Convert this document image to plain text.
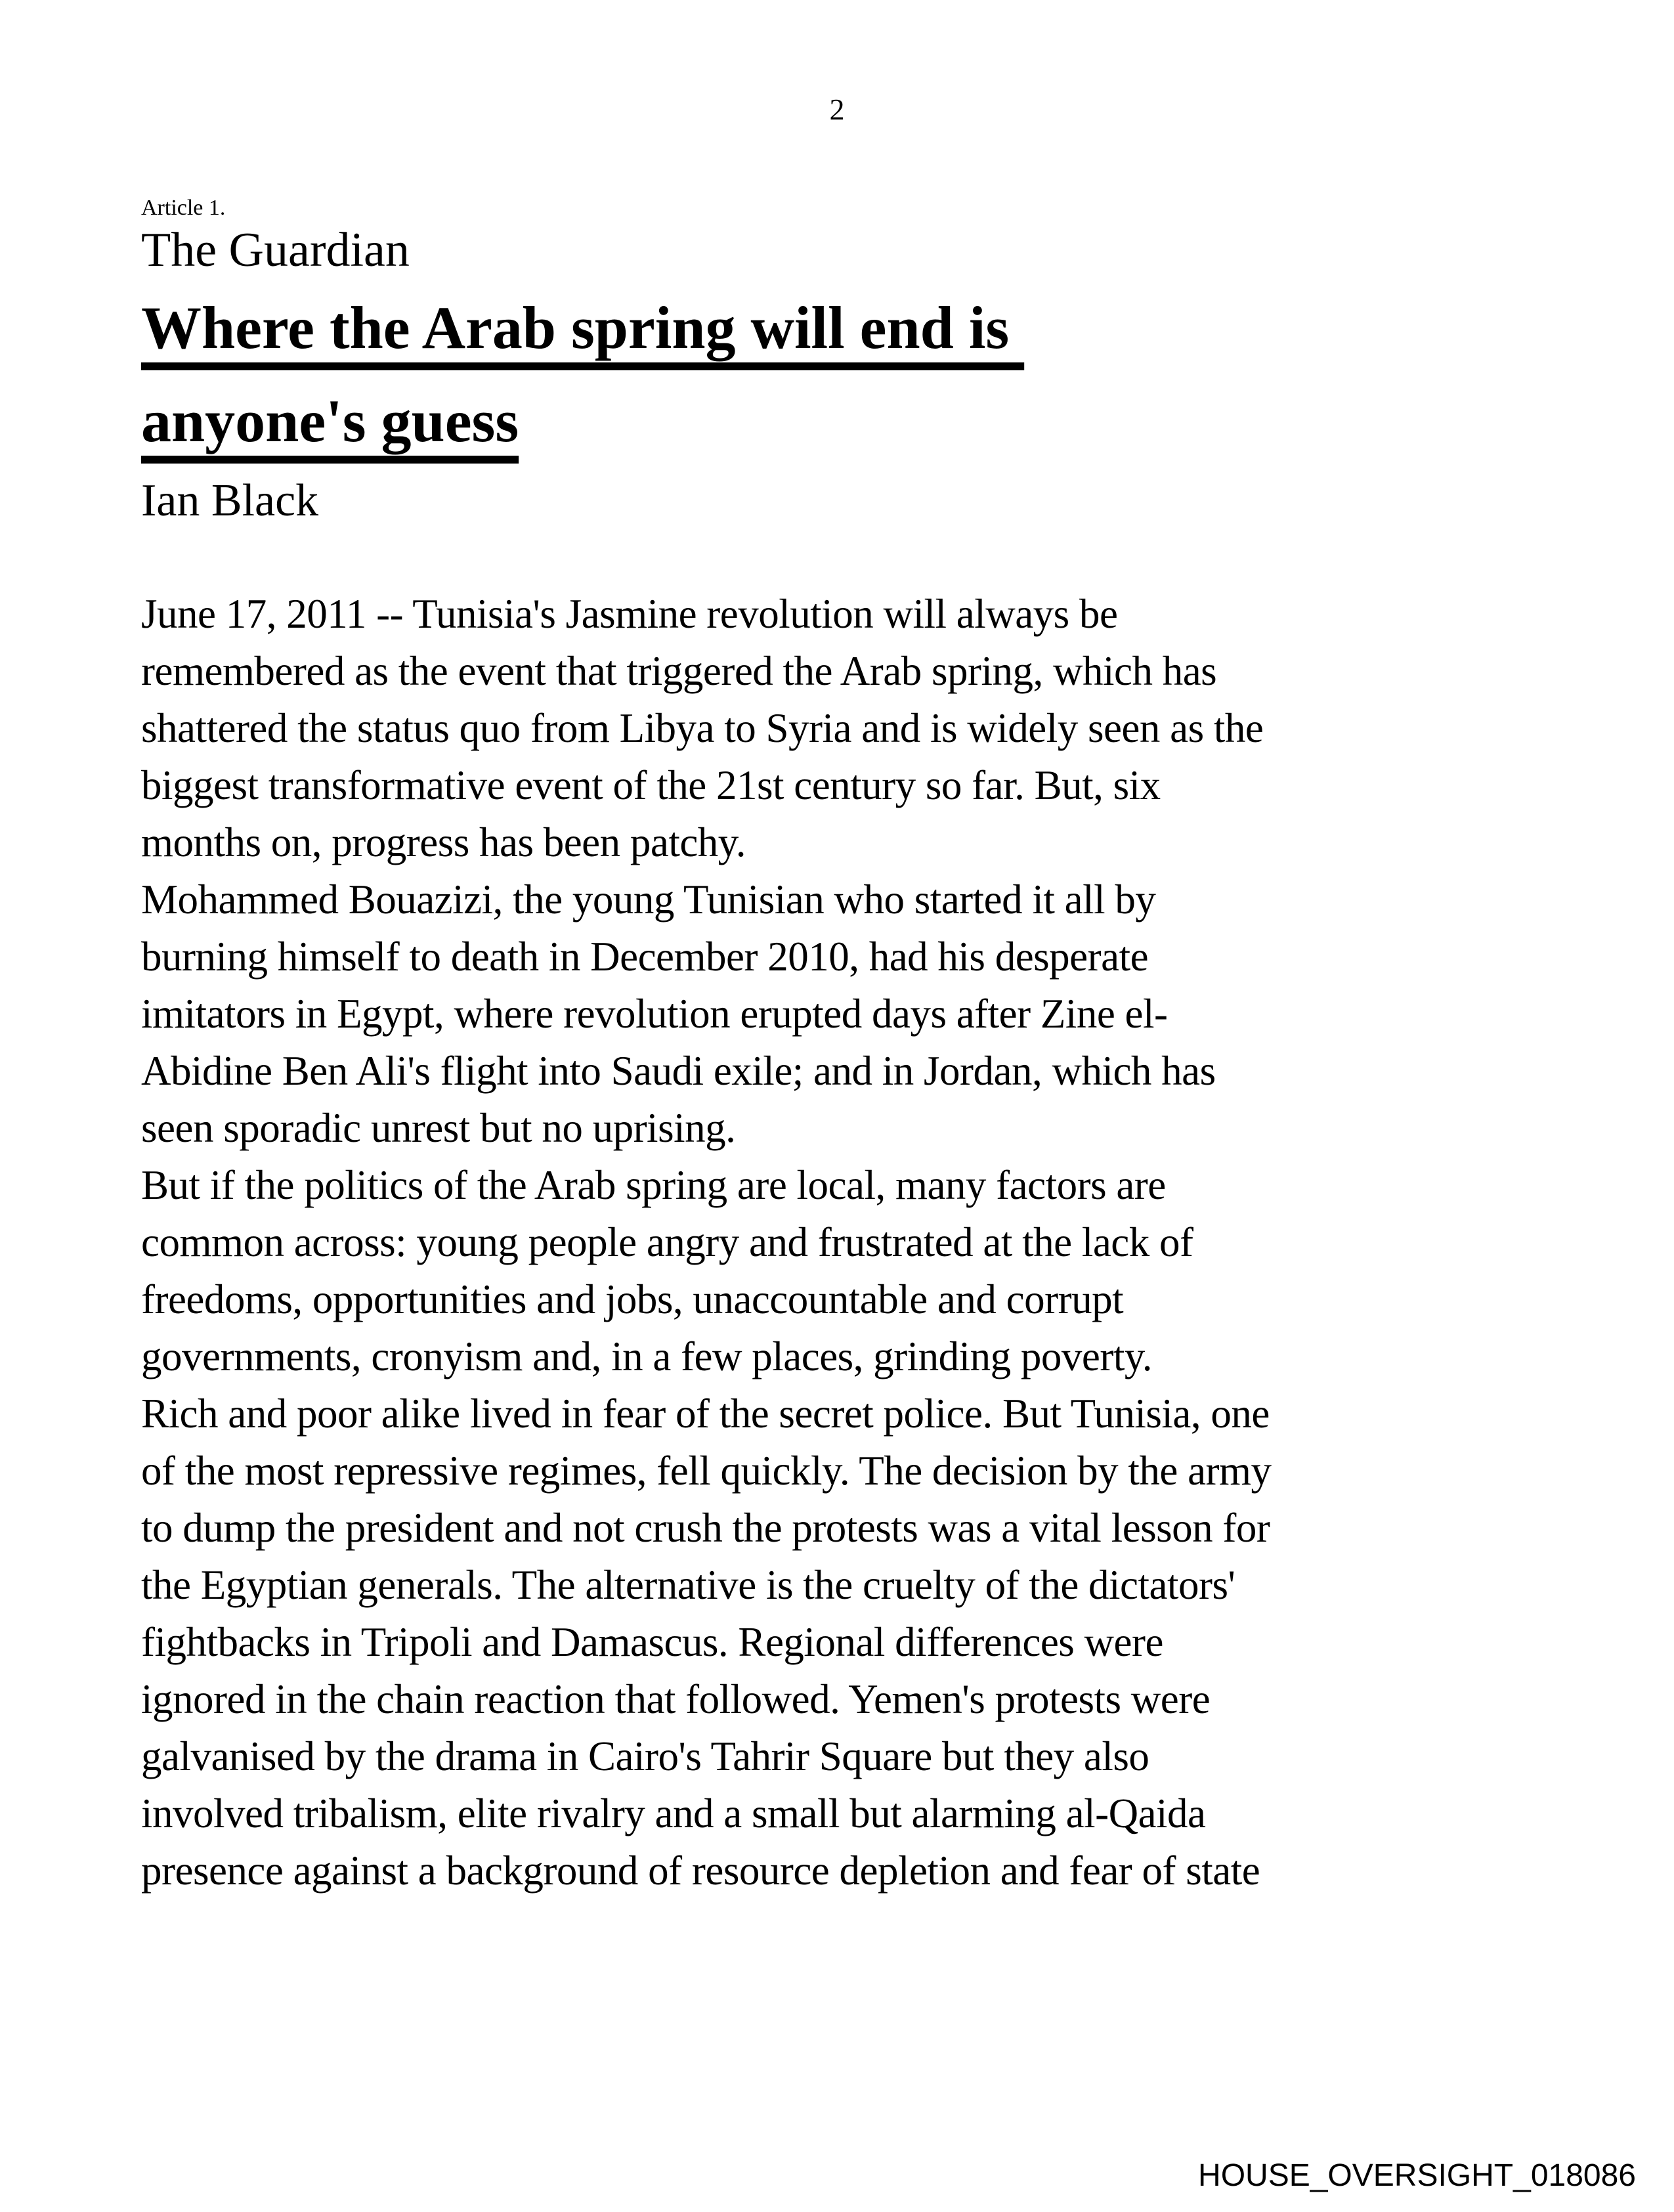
2
Article 1.
The Guardian
Where the Arab spring will end is
anyone's guess
Ian Black
June 17, 2011 -- Tunisia's Jasmine revolution will always be
remembered as the event that triggered the Arab spring, which has
shattered the status quo from Libya to Syria and is widely seen as the
biggest transformative event of the 21st century so far. But, six
months on, progress has been patchy.
Mohammed Bouazizi, the young Tunisian who started it all by
burning himself to death in December 2010, had his desperate
imitators in Egypt, where revolution erupted days after Zine el-
Abidine Ben Ali's flight into Saudi exile; and in Jordan, which has
seen sporadic unrest but no uprising.
But if the politics of the Arab spring are local, many factors are
common across: young people angry and frustrated at the lack of
freedoms, opportunities and jobs, unaccountable and corrupt
governments, cronyism and, in a few places, grinding poverty.
Rich and poor alike lived in fear of the secret police. But Tunisia, one
of the most repressive regimes, fell quickly. The decision by the army
to dump the president and not crush the protests was a vital lesson for
the Egyptian generals. The alternative is the cruelty of the dictators'
fightbacks in Tripoli and Damascus. Regional differences were
ignored in the chain reaction that followed. Yemen's protests were
galvanised by the drama in Cairo's Tahrir Square but they also
involved tribalism, elite rivalry and a small but alarming al-Qaida
presence against a background of resource depletion and fear of state
HOUSE_OVERSIGHT_018086
